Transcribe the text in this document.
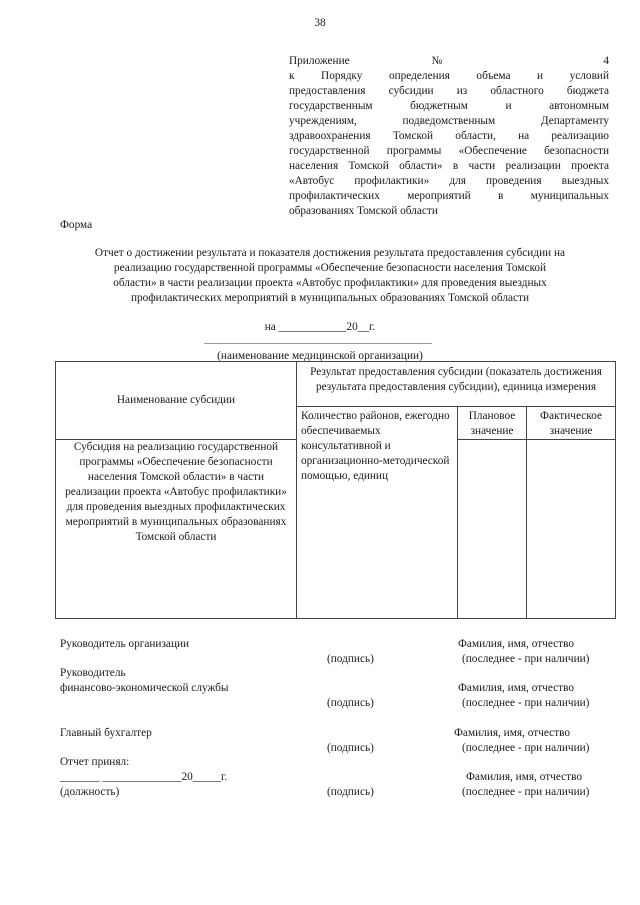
38
Приложение № 4
к Порядку определения объема и условий
предоставления субсидии из областного бюджета
государственным бюджетным и автономным
учреждениям, подведомственным Департаменту
здравоохранения Томской области, на реализацию
государственной программы «Обеспечение безопасности
населения Томской области» в части реализации проекта
«Автобус профилактики» для проведения выездных
профилактических мероприятий в муниципальных
образованиях Томской области
Форма
Отчет о достижении результата и показателя достижения результата предоставления субсидии на
реализацию государственной программы «Обеспечение безопасности населения Томской
области» в части реализации проекта «Автобус профилактики» для проведения выездных
профилактических мероприятий в муниципальных образованиях Томской области
на ____________20__г.
(наименование медицинской организации)
Наименование субсидии	Результат предоставления субсидии (показатель достижения результата предоставления субсидии), единица измерения		
	Количество районов, ежегодно обеспечиваемых консультативной и организационно-методической помощью, единиц	Плановое значение	Фактическое значение
Субсидия на реализацию государственной программы «Обеспечение безопасности населения Томской области» в части реализации проекта «Автобус профилактики» для проведения выездных профилактических мероприятий в муниципальных образованиях Томской области			
Руководитель организации	Фамилия, имя, отчество
(подпись)	(последнее - при наличии)
Руководитель
финансово-экономической службы	Фамилия, имя, отчество
(подпись)	(последнее - при наличии)
Главный бухгалтер	Фамилия, имя, отчество
(подпись)	(последнее - при наличии)
Отчет принял:
_______ ______________20_____г.	Фамилия, имя, отчество
(должность)	(подпись)	(последнее - при наличии)
